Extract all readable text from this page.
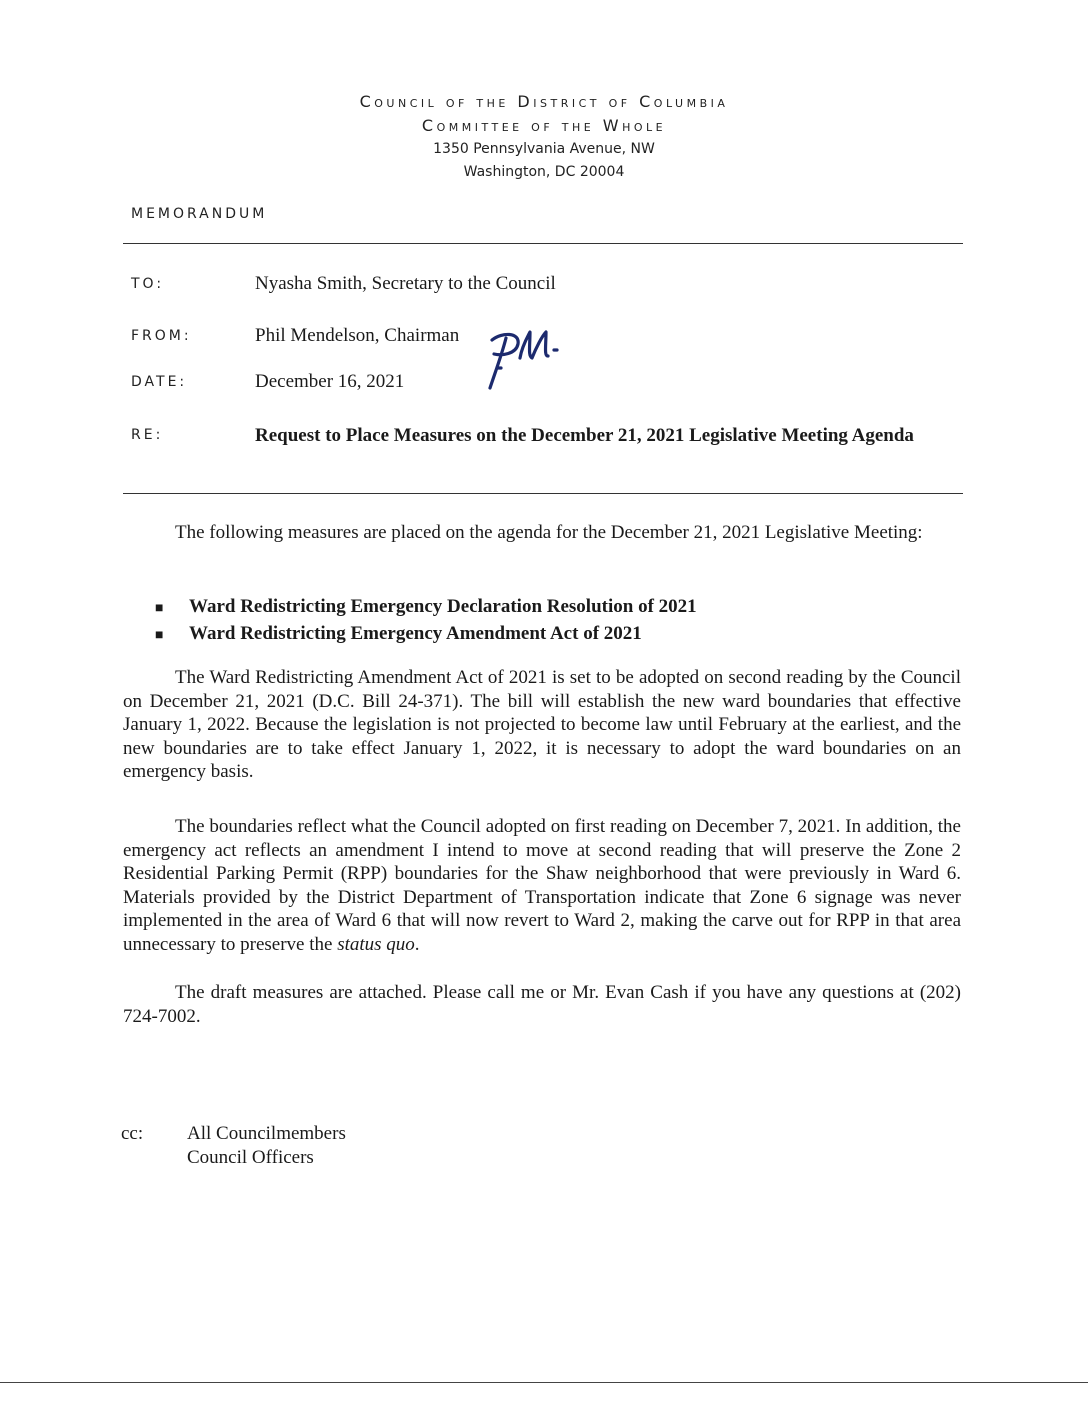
Council of the District of Columbia
Committee of the Whole
1350 Pennsylvania Avenue, NW
Washington, DC 20004
MEMORANDUM
TO:	Nyasha Smith, Secretary to the Council
FROM:	Phil Mendelson, Chairman
DATE:	December 16, 2021
RE:	Request to Place Measures on the December 21, 2021 Legislative Meeting Agenda
The following measures are placed on the agenda for the December 21, 2021 Legislative Meeting:
■	Ward Redistricting Emergency Declaration Resolution of 2021
■	Ward Redistricting Emergency Amendment Act of 2021
The Ward Redistricting Amendment Act of 2021 is set to be adopted on second reading by the Council on December 21, 2021 (D.C. Bill 24-371). The bill will establish the new ward boundaries that effective January 1, 2022. Because the legislation is not projected to become law until February at the earliest, and the new boundaries are to take effect January 1, 2022, it is necessary to adopt the ward boundaries on an emergency basis.
The boundaries reflect what the Council adopted on first reading on December 7, 2021. In addition, the emergency act reflects an amendment I intend to move at second reading that will preserve the Zone 2 Residential Parking Permit (RPP) boundaries for the Shaw neighborhood that were previously in Ward 6. Materials provided by the District Department of Transportation indicate that Zone 6 signage was never implemented in the area of Ward 6 that will now revert to Ward 2, making the carve out for RPP in that area unnecessary to preserve the status quo.
The draft measures are attached. Please call me or Mr. Evan Cash if you have any questions at (202) 724-7002.
cc:	All Councilmembers
Council Officers
